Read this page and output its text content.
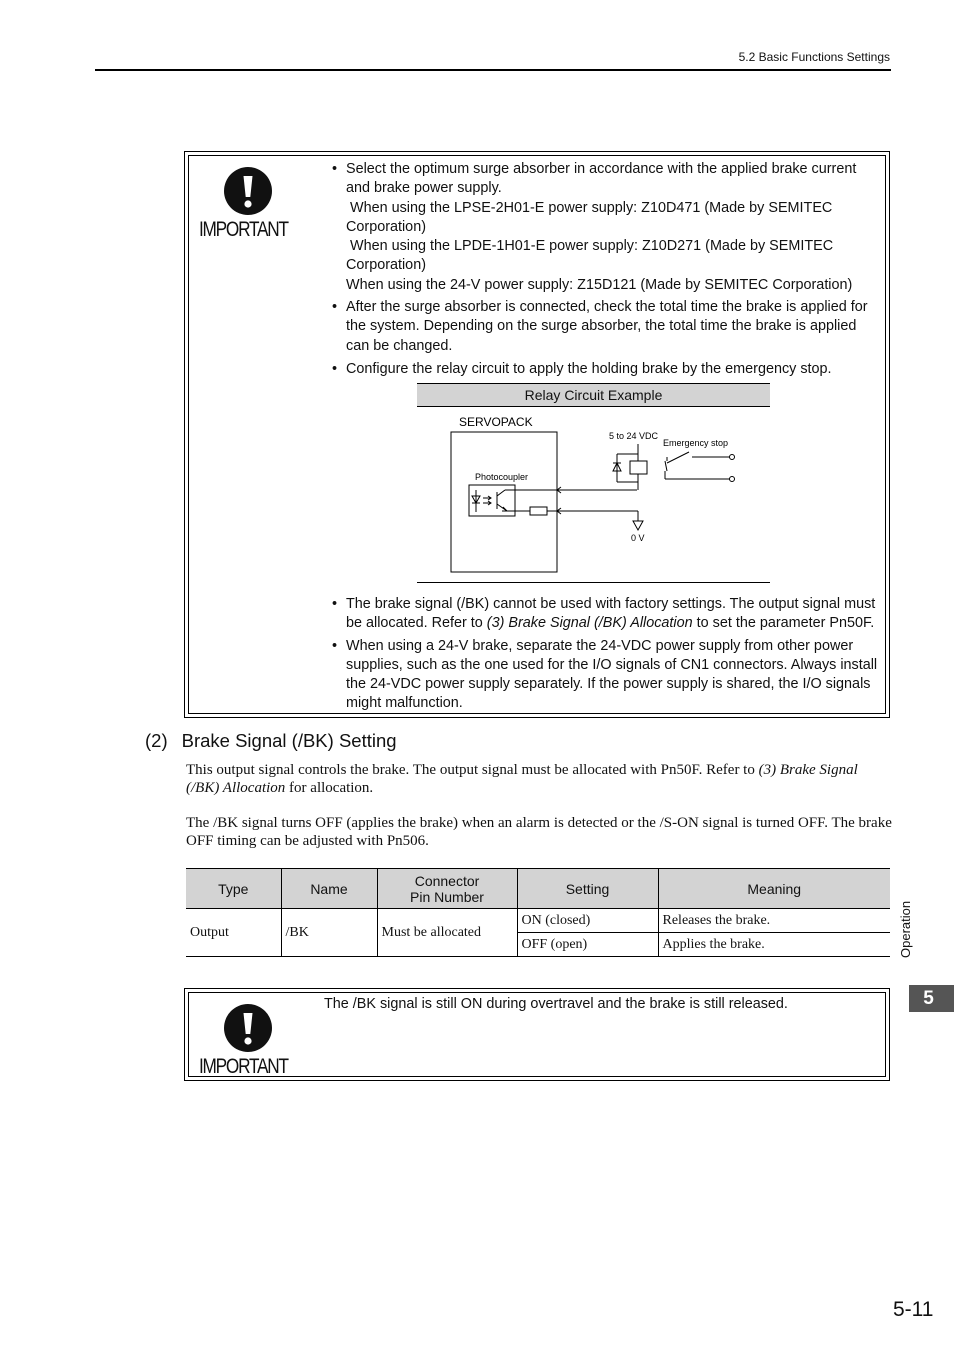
5.2 Basic Functions Settings
IMPORTANT
• Select the optimum surge absorber in accordance with the applied brake current and brake power supply.
When using the LPSE-2H01-E power supply: Z10D471 (Made by SEMITEC Corporation)
When using the LPDE-1H01-E power supply: Z10D271 (Made by SEMITEC Corporation)
When using the 24-V power supply: Z15D121 (Made by SEMITEC Corporation)
• After the surge absorber is connected, check the total time the brake is applied for the system. Depending on the surge absorber, the total time the brake is applied can be changed.
• Configure the relay circuit to apply the holding brake by the emergency stop.
• The brake signal (/BK) cannot be used with factory settings. The output signal must be allocated. Refer to (3) Brake Signal (/BK) Allocation to set the parameter Pn50F.
• When using a 24-V brake, separate the 24-VDC power supply from other power supplies, such as the one used for the I/O signals of CN1 connectors. Always install the 24-VDC power supply separately. If the power supply is shared, the I/O signals might malfunction.
Relay Circuit Example
SERVOPACK
Photocoupler
5 to 24 VDC
0 V
Emergency stop
(2) Brake Signal (/BK) Setting
This output signal controls the brake. The output signal must be allocated with Pn50F. Refer to (3) Brake Signal (/BK) Allocation for allocation.
The /BK signal turns OFF (applies the brake) when an alarm is detected or the /S-ON signal is turned OFF. The brake OFF timing can be adjusted with Pn506.
Type	Name	Connector Pin Number	Setting	Meaning
Output	/BK	Must be allocated	ON (closed)	Releases the brake.
			OFF (open)	Applies the brake.
IMPORTANT
The /BK signal is still ON during overtravel and the brake is still released.
Operation
5
5-11
